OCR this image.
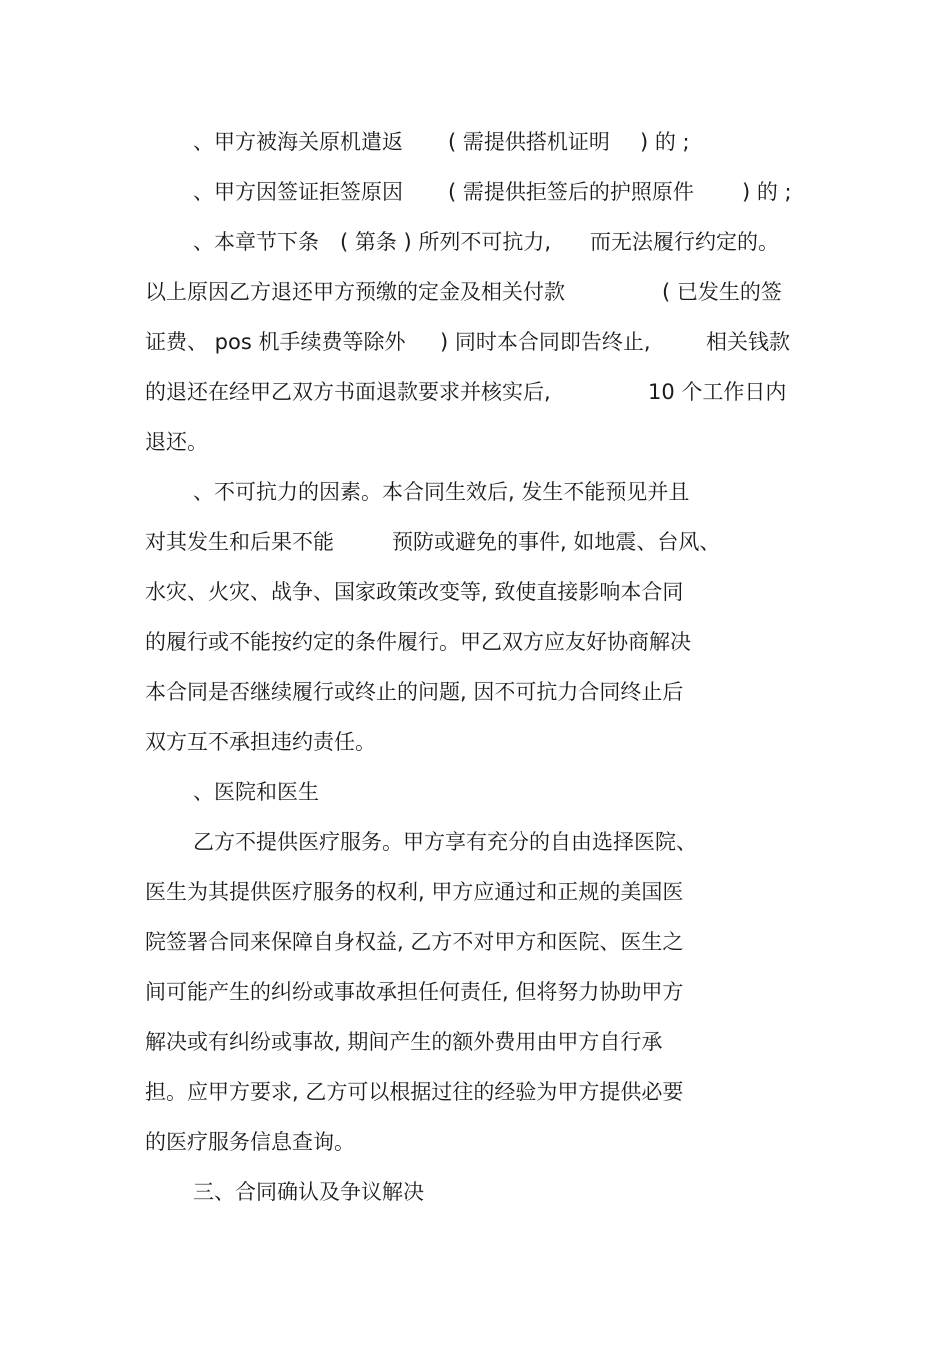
、甲方被海关原机遣返

( 需提供搭机证明

) 的 ;

、甲方因签证拒签原因

( 需提供拒签后的护照原件

) 的 ;

、本章节下条

( 第条 ) 所列不可抗力,

而无法履行约定的。

以上原因乙方退还甲方预缴的定金及相关付款

	( 已发生的签

证费、 pos 机手续费等除外

) 同时本合同即告终止,

	相关钱款

的退还在经甲乙双方书面退款要求并核实后,

	10 个工作日内

退还。

、不可抗力的因素。本合同生效后, 发生不能预见并且

对其发生和后果不能

	预防或避免的事件, 如地震、台风、

水灾、火灾、战争、国家政策改变等, 致使直接影响本合同

的履行或不能按约定的条件履行。甲乙双方应友好协商解决

本合同是否继续履行或终止的问题, 因不可抗力合同终止后

双方互不承担违约责任。

、医院和医生

乙方不提供医疗服务。甲方享有充分的自由选择医院、

医生为其提供医疗服务的权利, 甲方应通过和正规的美国医

院签署合同来保障自身权益, 乙方不对甲方和医院、医生之

间可能产生的纠纷或事故承担任何责任, 但将努力协助甲方

解决或有纠纷或事故, 期间产生的额外费用由甲方自行承

担。应甲方要求, 乙方可以根据过往的经验为甲方提供必要

的医疗服务信息查询。

三、合同确认及争议解决
